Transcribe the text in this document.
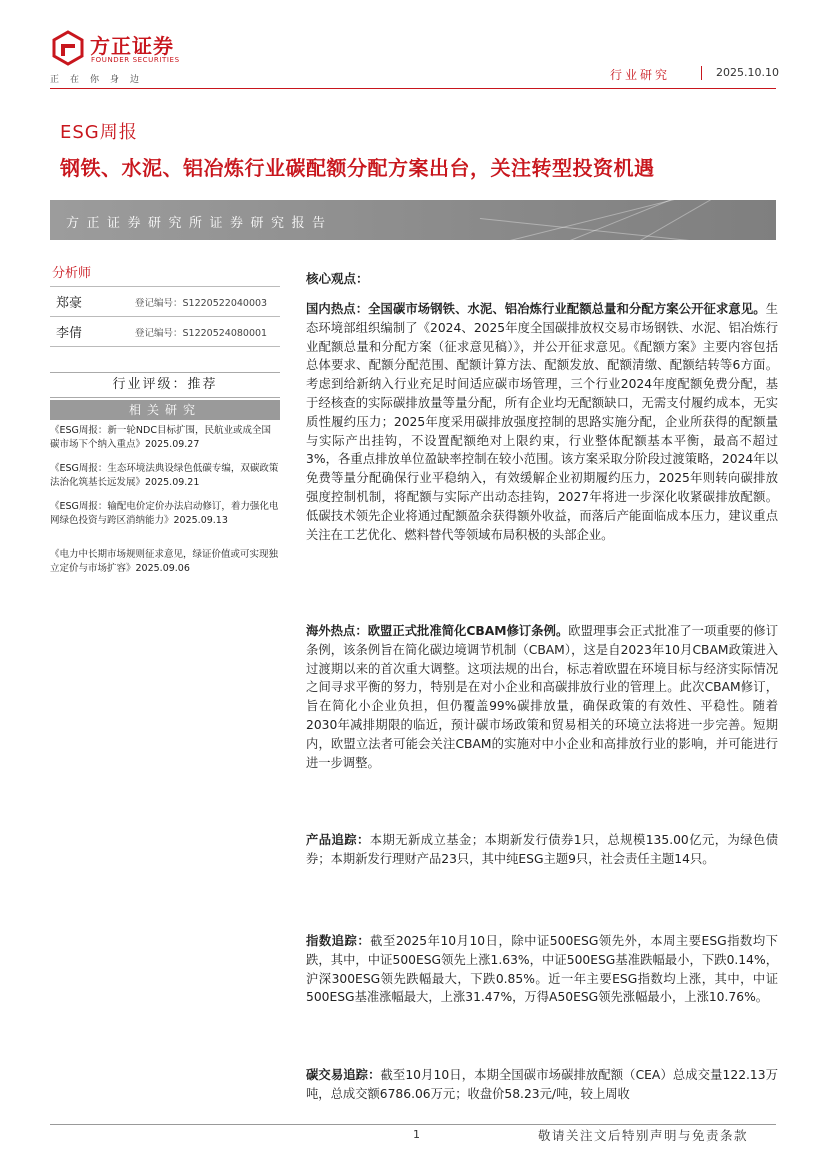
方正证券
FOUNDER SECURITIES
正在你身边	行业研究	2025.10.10
ESG周报
钢铁、水泥、铝冶炼行业碳配额分配方案出台，关注转型投资机遇
方正证券研究所证券研究报告
分析师
郑豪	登记编号：S1220522040003
李倩	登记编号：S1220524080001
行业评级：推荐
相关研究
《ESG周报：新一轮NDC目标扩围，民航业或成全国碳市场下个纳入重点》2025.09.27
《ESG周报：生态环境法典设绿色低碳专编，双碳政策法治化筑基长远发展》2025.09.21
《ESG周报：输配电价定价办法启动修订，着力强化电网绿色投资与跨区消纳能力》2025.09.13
《电力中长期市场规则征求意见，绿证价值或可实现独立定价与市场扩容》2025.09.06
核心观点：
国内热点：全国碳市场钢铁、水泥、铝冶炼行业配额总量和分配方案公开征求意见。生态环境部组织编制了《2024、2025年度全国碳排放权交易市场钢铁、水泥、铝冶炼行业配额总量和分配方案（征求意见稿）》，并公开征求意见。《配额方案》主要内容包括总体要求、配额分配范围、配额计算方法、配额发放、配额清缴、配额结转等6方面。考虑到给新纳入行业充足时间适应碳市场管理，三个行业2024年度配额免费分配，基于经核查的实际碳排放量等量分配，所有企业均无配额缺口，无需支付履约成本，无实质性履约压力；2025年度采用碳排放强度控制的思路实施分配，企业所获得的配额量与实际产出挂钩，不设置配额绝对上限约束，行业整体配额基本平衡，最高不超过3%，各重点排放单位盈缺率控制在较小范围。该方案采取分阶段过渡策略，2024年以免费等量分配确保行业平稳纳入，有效缓解企业初期履约压力，2025年则转向碳排放强度控制机制，将配额与实际产出动态挂钩，2027年将进一步深化收紧碳排放配额。低碳技术领先企业将通过配额盈余获得额外收益，而落后产能面临成本压力，建议重点关注在工艺优化、燃料替代等领域布局积极的头部企业。
海外热点：欧盟正式批准简化CBAM修订条例。欧盟理事会正式批准了一项重要的修订条例，该条例旨在简化碳边境调节机制（CBAM），这是自2023年10月CBAM政策进入过渡期以来的首次重大调整。这项法规的出台，标志着欧盟在环境目标与经济实际情况之间寻求平衡的努力，特别是在对小企业和高碳排放行业的管理上。此次CBAM修订，旨在简化小企业负担，但仍覆盖99%碳排放量，确保政策的有效性、平稳性。随着2030年减排期限的临近，预计碳市场政策和贸易相关的环境立法将进一步完善。短期内，欧盟立法者可能会关注CBAM的实施对中小企业和高排放行业的影响，并可能进行进一步调整。
产品追踪：本期无新成立基金；本期新发行债券1只，总规模135.00亿元，为绿色债券；本期新发行理财产品23只，其中纯ESG主题9只，社会责任主题14只。
指数追踪：截至2025年10月10日，除中证500ESG领先外，本周主要ESG指数均下跌，其中，中证500ESG领先上涨1.63%，中证500ESG基准跌幅最小，下跌0.14%，沪深300ESG领先跌幅最大，下跌0.85%。近一年主要ESG指数均上涨，其中，中证500ESG基准涨幅最大，上涨31.47%，万得A50ESG领先涨幅最小，上涨10.76%。
碳交易追踪：截至10月10日，本期全国碳市场碳排放配额（CEA）总成交量122.13万吨，总成交额6786.06万元；收盘价58.23元/吨，较上周收
1	敬请关注文后特别声明与免责条款
